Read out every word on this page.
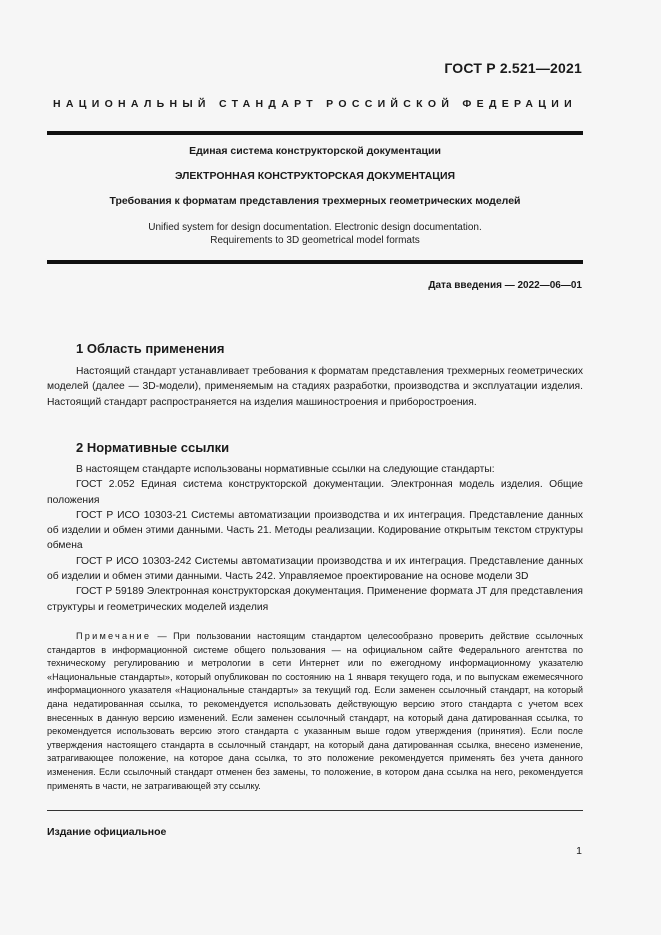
ГОСТ Р 2.521—2021
НАЦИОНАЛЬНЫЙ СТАНДАРТ РОССИЙСКОЙ ФЕДЕРАЦИИ
Единая система конструкторской документации
ЭЛЕКТРОННАЯ КОНСТРУКТОРСКАЯ ДОКУМЕНТАЦИЯ
Требования к форматам представления трехмерных геометрических моделей
Unified system for design documentation. Electronic design documentation.
Requirements to 3D geometrical model formats
Дата введения — 2022—06—01
1 Область применения
Настоящий стандарт устанавливает требования к форматам представления трехмерных геометрических моделей (далее — 3D-модели), применяемым на стадиях разработки, производства и эксплуатации изделия. Настоящий стандарт распространяется на изделия машиностроения и приборостроения.
2 Нормативные ссылки

В настоящем стандарте использованы нормативные ссылки на следующие стандарты:

ГОСТ 2.052 Единая система конструкторской документации. Электронная модель изделия. Общие положения

ГОСТ Р ИСО 10303-21 Системы автоматизации производства и их интеграция. Представление данных об изделии и обмен этими данными. Часть 21. Методы реализации. Кодирование открытым текстом структуры обмена

ГОСТ Р ИСО 10303-242 Системы автоматизации производства и их интеграция. Представление данных об изделии и обмен этими данными. Часть 242. Управляемое проектирование на основе модели 3D

ГОСТ Р 59189 Электронная конструкторская документация. Применение формата JT для представления структуры и геометрических моделей изделия

Примечание — При пользовании настоящим стандартом целесообразно проверить действие ссылочных стандартов в информационной системе общего пользования — на официальном сайте Федерального агентства по техническому регулированию и метрологии в сети Интернет или по ежегодному информационному указателю «Национальные стандарты», который опубликован по состоянию на 1 января текущего года, и по выпускам ежемесячного информационного указателя «Национальные стандарты» за текущий год. Если заменен ссылочный стандарт, на который дана недатированная ссылка, то рекомендуется использовать действующую версию этого стандарта с учетом всех внесенных в данную версию изменений. Если заменен ссылочный стандарт, на который дана датированная ссылка, то рекомендуется использовать версию этого стандарта с указанным выше годом утверждения (принятия). Если после утверждения настоящего стандарта в ссылочный стандарт, на который дана датированная ссылка, внесено изменение, затрагивающее положение, на которое дана ссылка, то это положение рекомендуется применять без учета данного изменения. Если ссылочный стандарт отменен без замены, то положение, в котором дана ссылка на него, рекомендуется применять в части, не затрагивающей эту ссылку.
Издание официальное
1
